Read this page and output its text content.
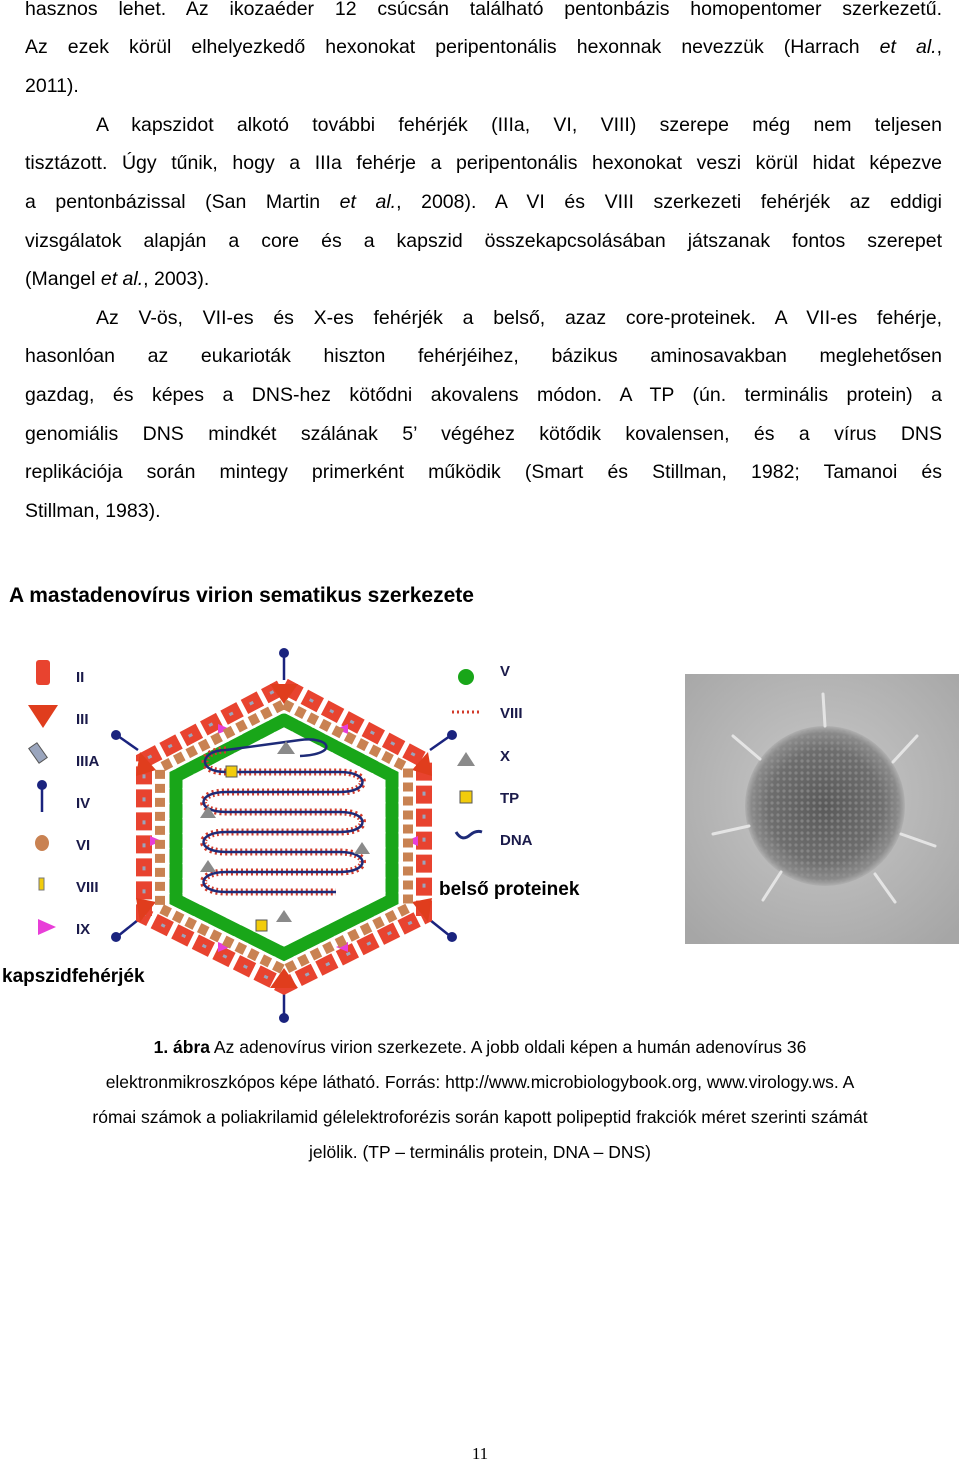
hasznos lehet. Az ikozaéder 12 csúcsán található pentonbázis homopentomer szerkezetű.
Az ezek körül elhelyezkedő hexonokat peripentonális hexonnak nevezzük (Harrach et al.,
2011).
A kapszidot alkotó további fehérjék (IIIa, VI, VIII) szerepe még nem teljesen
tisztázott. Úgy tűnik, hogy a IIIa fehérje a peripentonális hexonokat veszi körül hidat képezve
a pentonbázissal (San Martin et al., 2008). A VI és VIII szerkezeti fehérjék az eddigi
vizsgálatok alapján a core és a kapszid összekapcsolásában játszanak fontos szerepet
(Mangel et al., 2003).
Az V-ös, VII-es és X-es fehérjék a belső, azaz core-proteinek. A VII-es fehérje,
hasonlóan az eukarioták hiszton fehérjéihez, bázikus aminosavakban meglehetősen
gazdag, és képes a DNS-hez kötődni akovalens módon. A TP (ún. terminális protein) a
genomiális DNS mindkét szálának 5’ végéhez kötődik kovalensen, és a vírus DNS
replikációja során mintegy primerként működik (Smart és Stillman, 1982; Tamanoi és
Stillman, 1983).
A mastadenovírus virion sematikus szerkezete
II
III
IIIA
IV
VI
VIII
IX
V
VIII
X
TP
DNA
belső proteinek
kapszidfehérjék
1. ábra Az adenovírus virion szerkezete. A jobb oldali képen a humán adenovírus 36
elektronmikroszkópos képe látható. Forrás: http://www.microbiologybook.org, www.virology.ws. A
római számok a poliakrilamid gélelektroforézis során kapott polipeptid frakciók méret szerinti számát
jelölik. (TP – terminális protein, DNA – DNS)
11
